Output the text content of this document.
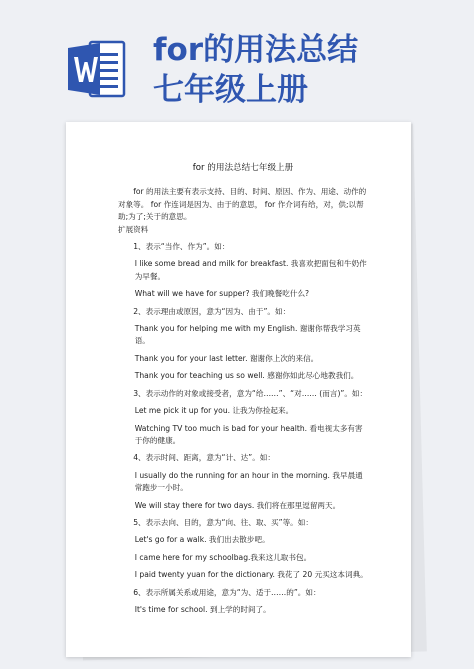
for的用法总结
七年级上册
for 的用法总结七年级上册

for 的用法主要有表示支持、目的、时间、原因、作为、用途、动作的对象等。 for 作连词是因为、由于的意思， for 作介词有给，对，供;以帮助;为了;关于的意思。

扩展资料

1、表示“当作、作为”。如：

I like some bread and milk for breakfast. 我喜欢把面包和牛奶作为早餐。

What will we have for supper? 我们晚餐吃什么?

2、表示理由或原因，意为“因为、由于”。如：

Thank you for helping me with my English. 谢谢你帮我学习英语。

Thank you for your last letter. 谢谢你上次的来信。

Thank you for teaching us so well. 感谢你如此尽心地教我们。

3、表示动作的对象或接受者，意为“给……”、“对…… (而言)”。如：

Let me pick it up for you. 让我为你捡起来。

Watching TV too much is bad for your health. 看电视太多有害于你的健康。

4、表示时间、距离，意为“计、达”。如：

I usually do the running for an hour in the morning. 我早晨通常跑步一小时。

We will stay there for two days. 我们将在那里逗留两天。

5、表示去向、目的，意为“向、往、取、买”等。如：

Let's go for a walk. 我们出去散步吧。

I came here for my schoolbag.我来这儿取书包。

I paid twenty yuan for the dictionary. 我花了 20 元买这本词典。

6、表示所属关系或用途，意为“为、适于……的”。如：

It's time for school. 到上学的时间了。
